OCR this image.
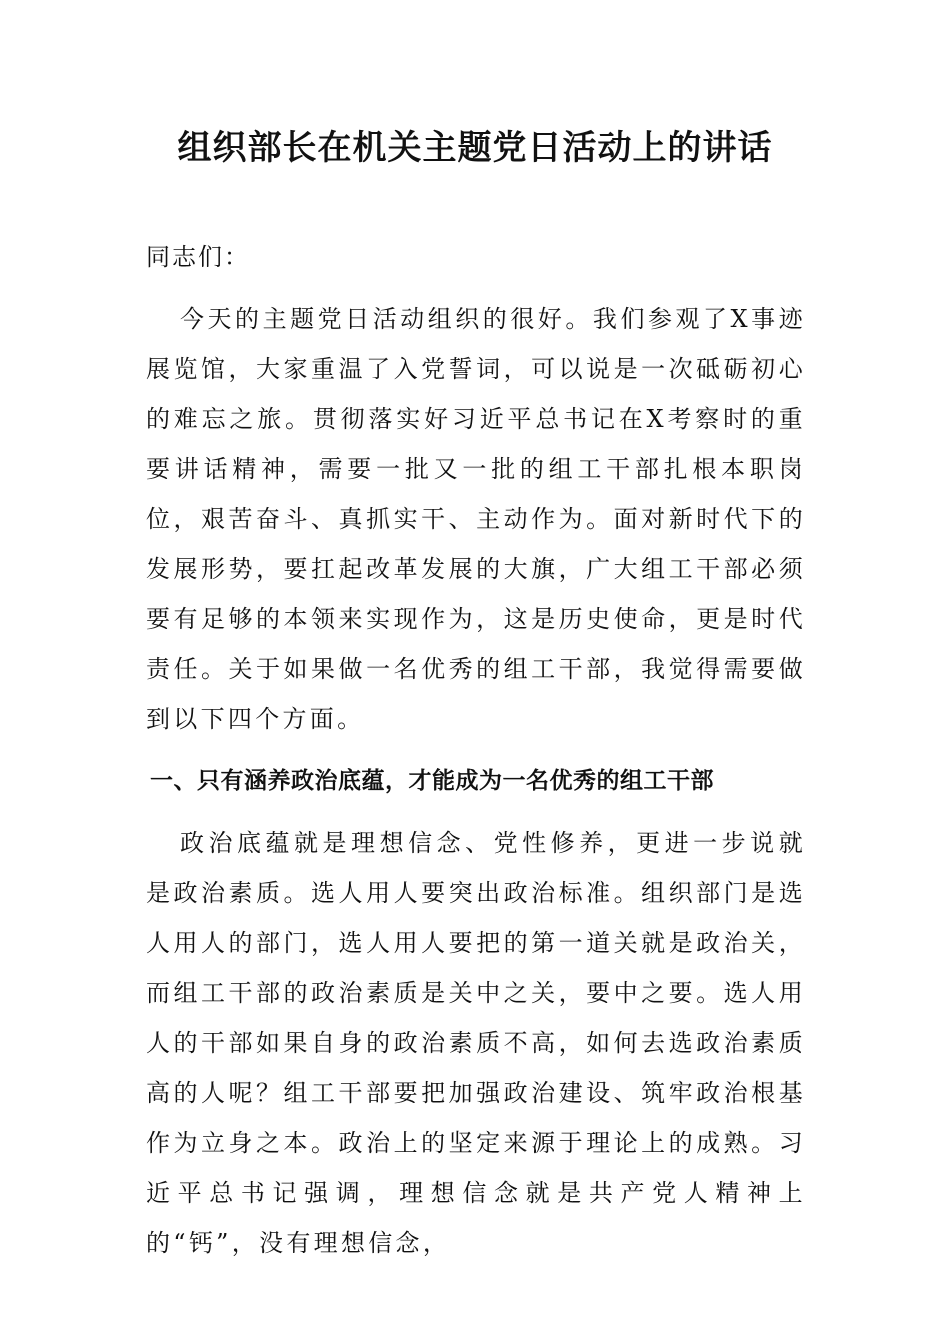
组织部长在机关主题党日活动上的讲话

同志们：

今天的主题党日活动组织的很好。我们参观了X事迹展览馆，大家重温了入党誓词，可以说是一次砥砺初心的难忘之旅。贯彻落实好习近平总书记在X考察时的重要讲话精神，需要一批又一批的组工干部扎根本职岗位，艰苦奋斗、真抓实干、主动作为。面对新时代下的发展形势，要扛起改革发展的大旗，广大组工干部必须要有足够的本领来实现作为，这是历史使命，更是时代责任。关于如果做一名优秀的组工干部，我觉得需要做到以下四个方面。

一、只有涵养政治底蕴，才能成为一名优秀的组工干部

政治底蕴就是理想信念、党性修养，更进一步说就是政治素质。选人用人要突出政治标准。组织部门是选人用人的部门，选人用人要把的第一道关就是政治关，而组工干部的政治素质是关中之关，要中之要。选人用人的干部如果自身的政治素质不高，如何去选政治素质高的人呢？组工干部要把加强政治建设、筑牢政治根基作为立身之本。政治上的坚定来源于理论上的成熟。习近平总书记强调，理想信念就是共产党人精神上的“钙”，没有理想信念，
